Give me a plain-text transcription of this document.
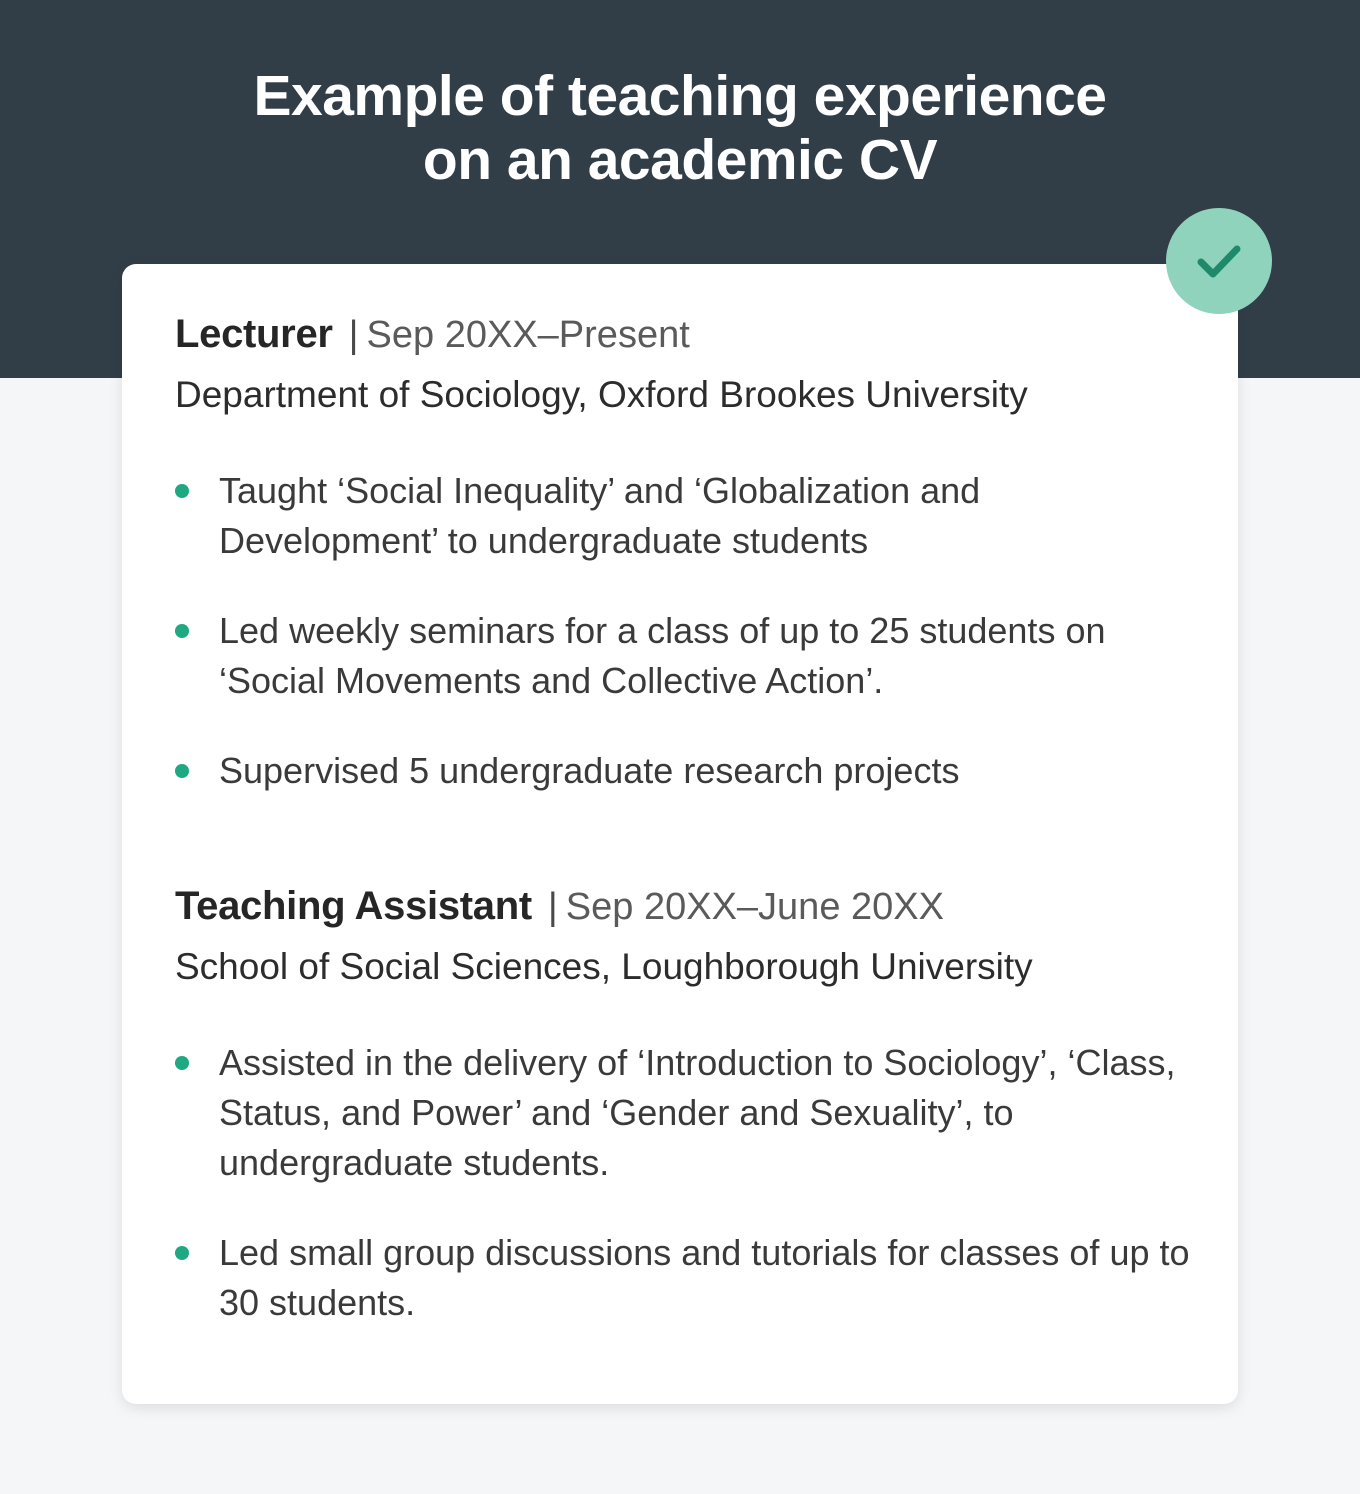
Example of teaching experience
on an academic CV

Lecturer | Sep 20XX–Present

Department of Sociology, Oxford Brookes University

Taught ‘Social Inequality’ and ‘Globalization and Development’ to undergraduate students
Led weekly seminars for a class of up to 25 students on ‘Social Movements and Collective Action’.
Supervised 5 undergraduate research projects

Teaching Assistant | Sep 20XX–June 20XX

School of Social Sciences, Loughborough University

Assisted in the delivery of ‘Introduction to Sociology’, ‘Class, Status, and Power’ and ‘Gender and Sexuality’, to undergraduate students.
Led small group discussions and tutorials for classes of up to 30 students.
